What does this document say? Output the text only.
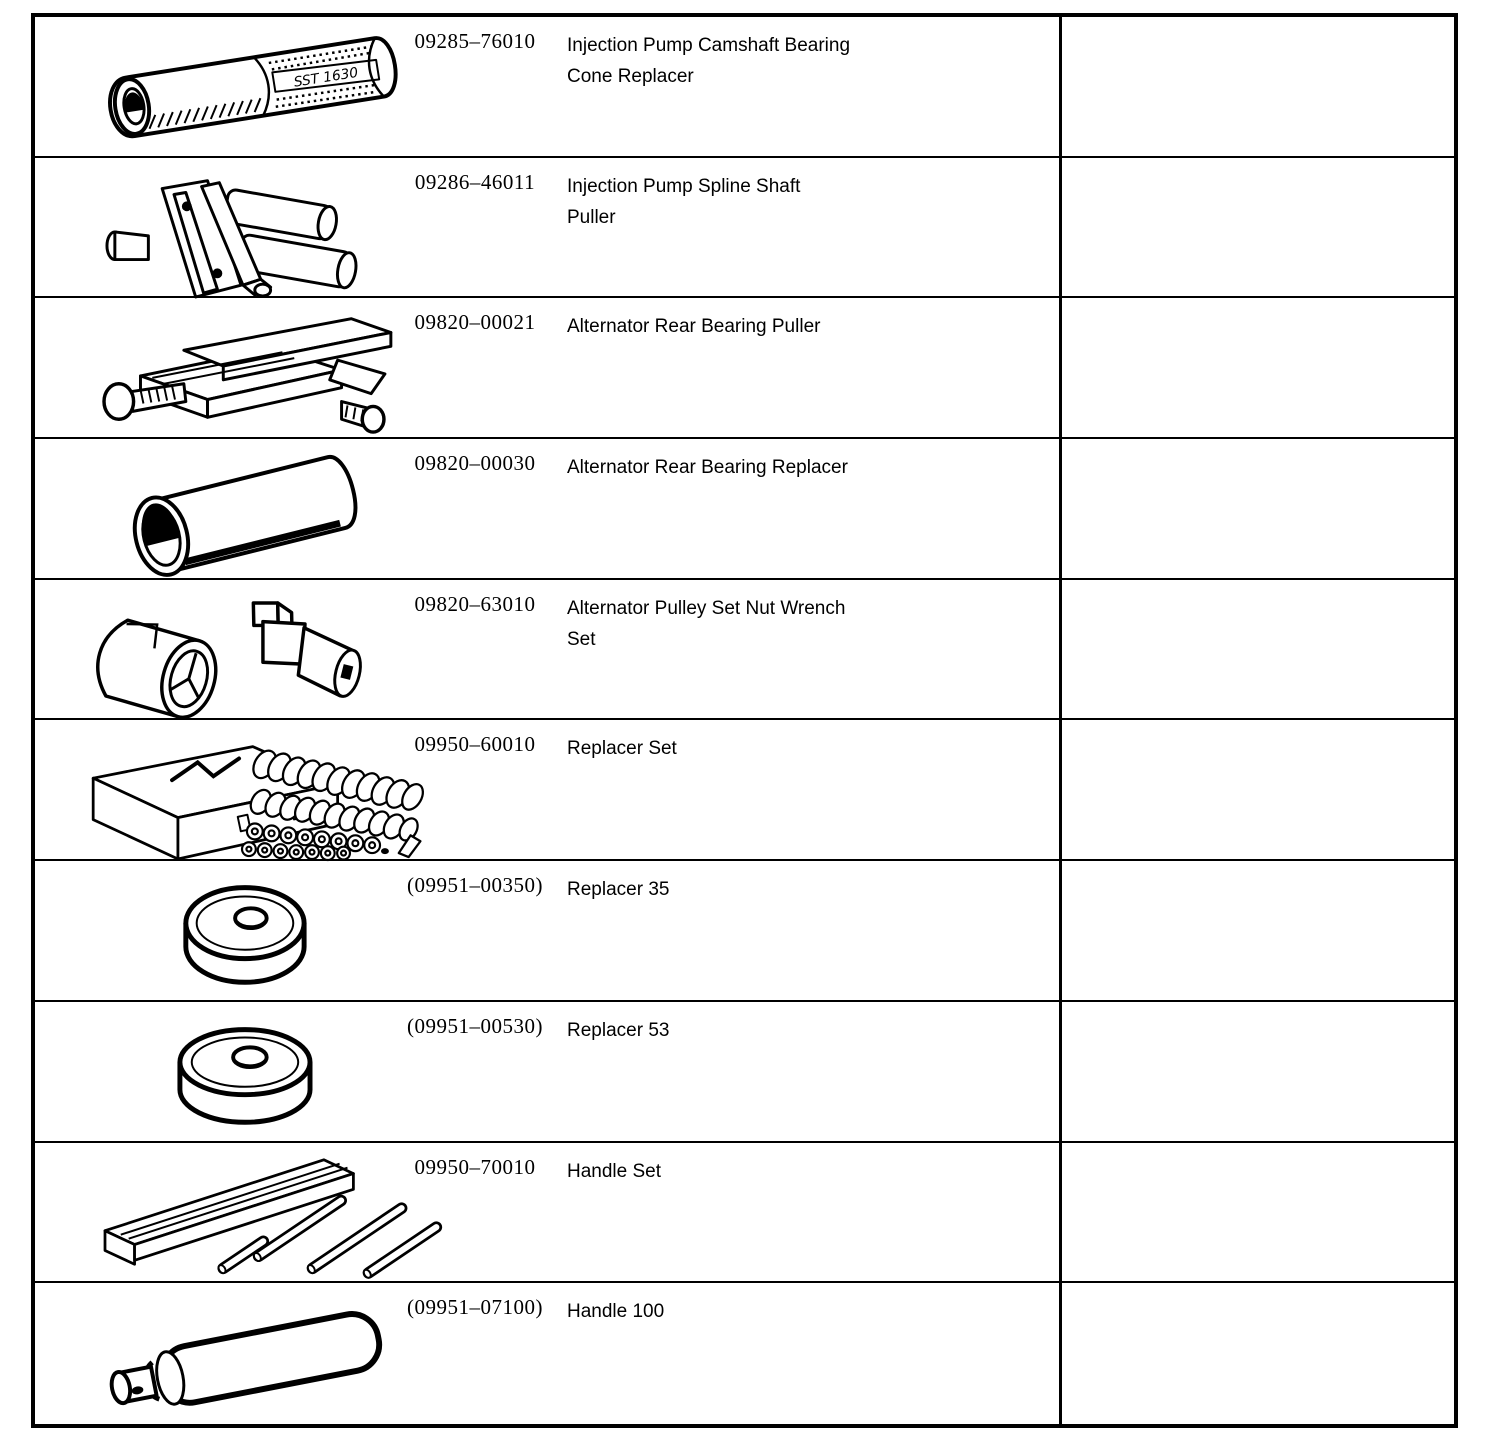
SST 1630
09285–76010	Injection Pump Camshaft Bearing
Cone Replacer
09286–46011	Injection Pump Spline Shaft
Puller
09820–00021	Alternator Rear Bearing Puller
09820–00030	Alternator Rear Bearing Replacer
09820–63010	Alternator Pulley Set Nut Wrench
Set
09950–60010	Replacer Set
(09951–00350)	Replacer 35
(09951–00530)	Replacer 53
09950–70010	Handle Set
(09951–07100)	Handle 100
